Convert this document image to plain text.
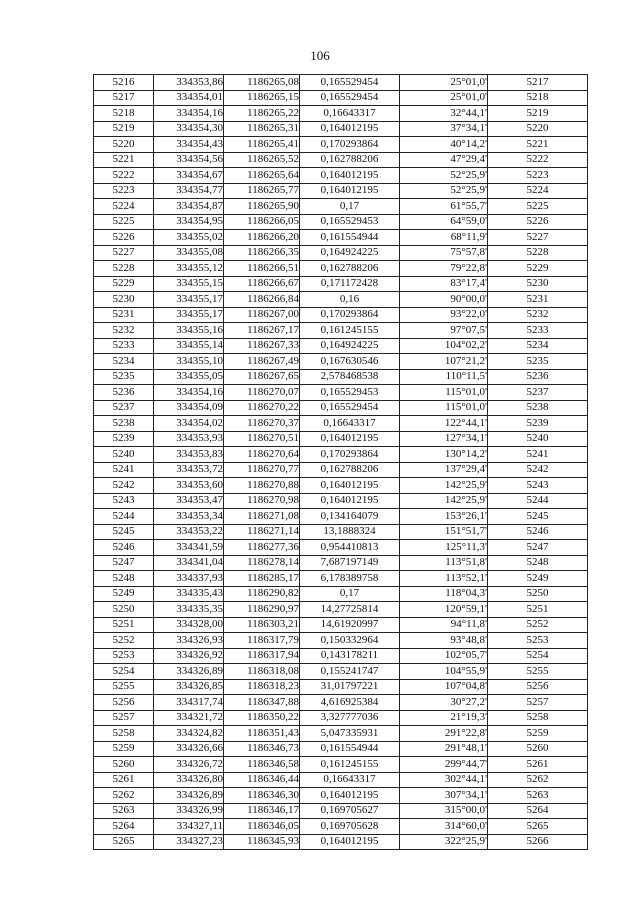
106
5216	334353,86	1186265,08	0,165529454	25°01,0'	5217
5217	334354,01	1186265,15	0,165529454	25°01,0'	5218
5218	334354,16	1186265,22	0,16643317	32°44,1'	5219
5219	334354,30	1186265,31	0,164012195	37°34,1'	5220
5220	334354,43	1186265,41	0,170293864	40°14,2'	5221
5221	334354,56	1186265,52	0,162788206	47°29,4'	5222
5222	334354,67	1186265,64	0,164012195	52°25,9'	5223
5223	334354,77	1186265,77	0,164012195	52°25,9'	5224
5224	334354,87	1186265,90	0,17	61°55,7'	5225
5225	334354,95	1186266,05	0,165529453	64°59,0'	5226
5226	334355,02	1186266,20	0,161554944	68°11,9'	5227
5227	334355,08	1186266,35	0,164924225	75°57,8'	5228
5228	334355,12	1186266,51	0,162788206	79°22,8'	5229
5229	334355,15	1186266,67	0,171172428	83°17,4'	5230
5230	334355,17	1186266,84	0,16	90°00,0'	5231
5231	334355,17	1186267,00	0,170293864	93°22,0'	5232
5232	334355,16	1186267,17	0,161245155	97°07,5'	5233
5233	334355,14	1186267,33	0,164924225	104°02,2'	5234
5234	334355,10	1186267,49	0,167630546	107°21,2'	5235
5235	334355,05	1186267,65	2,578468538	110°11,5'	5236
5236	334354,16	1186270,07	0,165529453	115°01,0'	5237
5237	334354,09	1186270,22	0,165529454	115°01,0'	5238
5238	334354,02	1186270,37	0,16643317	122°44,1'	5239
5239	334353,93	1186270,51	0,164012195	127°34,1'	5240
5240	334353,83	1186270,64	0,170293864	130°14,2'	5241
5241	334353,72	1186270,77	0,162788206	137°29,4'	5242
5242	334353,60	1186270,88	0,164012195	142°25,9'	5243
5243	334353,47	1186270,98	0,164012195	142°25,9'	5244
5244	334353,34	1186271,08	0,134164079	153°26,1'	5245
5245	334353,22	1186271,14	13,1888324	151°51,7'	5246
5246	334341,59	1186277,36	0,954410813	125°11,3'	5247
5247	334341,04	1186278,14	7,687197149	113°51,8'	5248
5248	334337,93	1186285,17	6,178389758	113°52,1'	5249
5249	334335,43	1186290,82	0,17	118°04,3'	5250
5250	334335,35	1186290,97	14,27725814	120°59,1'	5251
5251	334328,00	1186303,21	14,61920997	94°11,8'	5252
5252	334326,93	1186317,79	0,150332964	93°48,8'	5253
5253	334326,92	1186317,94	0,143178211	102°05,7'	5254
5254	334326,89	1186318,08	0,155241747	104°55,9'	5255
5255	334326,85	1186318,23	31,01797221	107°04,8'	5256
5256	334317,74	1186347,88	4,616925384	30°27,2'	5257
5257	334321,72	1186350,22	3,327777036	21°19,3'	5258
5258	334324,82	1186351,43	5,047335931	291°22,8'	5259
5259	334326,66	1186346,73	0,161554944	291°48,1'	5260
5260	334326,72	1186346,58	0,161245155	299°44,7'	5261
5261	334326,80	1186346,44	0,16643317	302°44,1'	5262
5262	334326,89	1186346,30	0,164012195	307°34,1'	5263
5263	334326,99	1186346,17	0,169705627	315°00,0'	5264
5264	334327,11	1186346,05	0,169705628	314°60,0'	5265
5265	334327,23	1186345,93	0,164012195	322°25,9'	5266
